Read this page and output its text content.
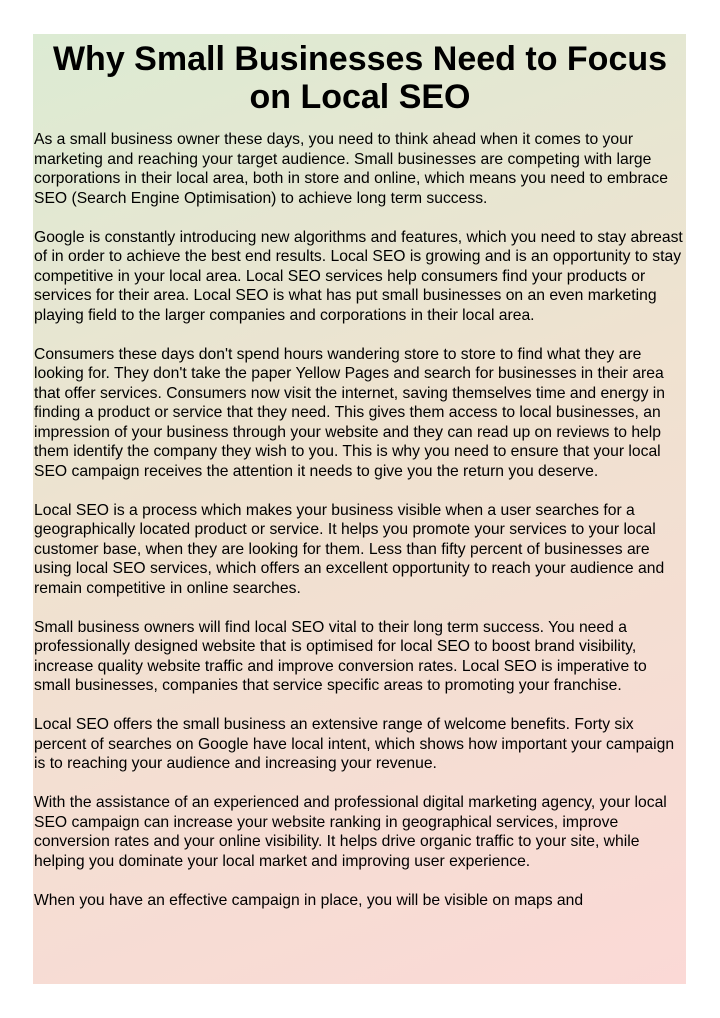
Why Small Businesses Need to Focus on Local SEO

As a small business owner these days, you need to think ahead when it comes to your marketing and reaching your target audience. Small businesses are competing with large corporations in their local area, both in store and online, which means you need to embrace SEO (Search Engine Optimisation) to achieve long term success.

Google is constantly introducing new algorithms and features, which you need to stay abreast of in order to achieve the best end results. Local SEO is growing and is an opportunity to stay competitive in your local area. Local SEO services help consumers find your products or services for their area. Local SEO is what has put small businesses on an even marketing playing field to the larger companies and corporations in their local area.

Consumers these days don't spend hours wandering store to store to find what they are looking for. They don't take the paper Yellow Pages and search for businesses in their area that offer services. Consumers now visit the internet, saving themselves time and energy in finding a product or service that they need. This gives them access to local businesses, an impression of your business through your website and they can read up on reviews to help them identify the company they wish to you. This is why you need to ensure that your local SEO campaign receives the attention it needs to give you the return you deserve.

Local SEO is a process which makes your business visible when a user searches for a geographically located product or service. It helps you promote your services to your local customer base, when they are looking for them. Less than fifty percent of businesses are using local SEO services, which offers an excellent opportunity to reach your audience and remain competitive in online searches.

Small business owners will find local SEO vital to their long term success. You need a professionally designed website that is optimised for local SEO to boost brand visibility, increase quality website traffic and improve conversion rates. Local SEO is imperative to small businesses, companies that service specific areas to promoting your franchise.

Local SEO offers the small business an extensive range of welcome benefits. Forty six percent of searches on Google have local intent, which shows how important your campaign is to reaching your audience and increasing your revenue.

With the assistance of an experienced and professional digital marketing agency, your local SEO campaign can increase your website ranking in geographical services, improve conversion rates and your online visibility. It helps drive organic traffic to your site, while helping you dominate your local market and improving user experience.

When you have an effective campaign in place, you will be visible on maps and
